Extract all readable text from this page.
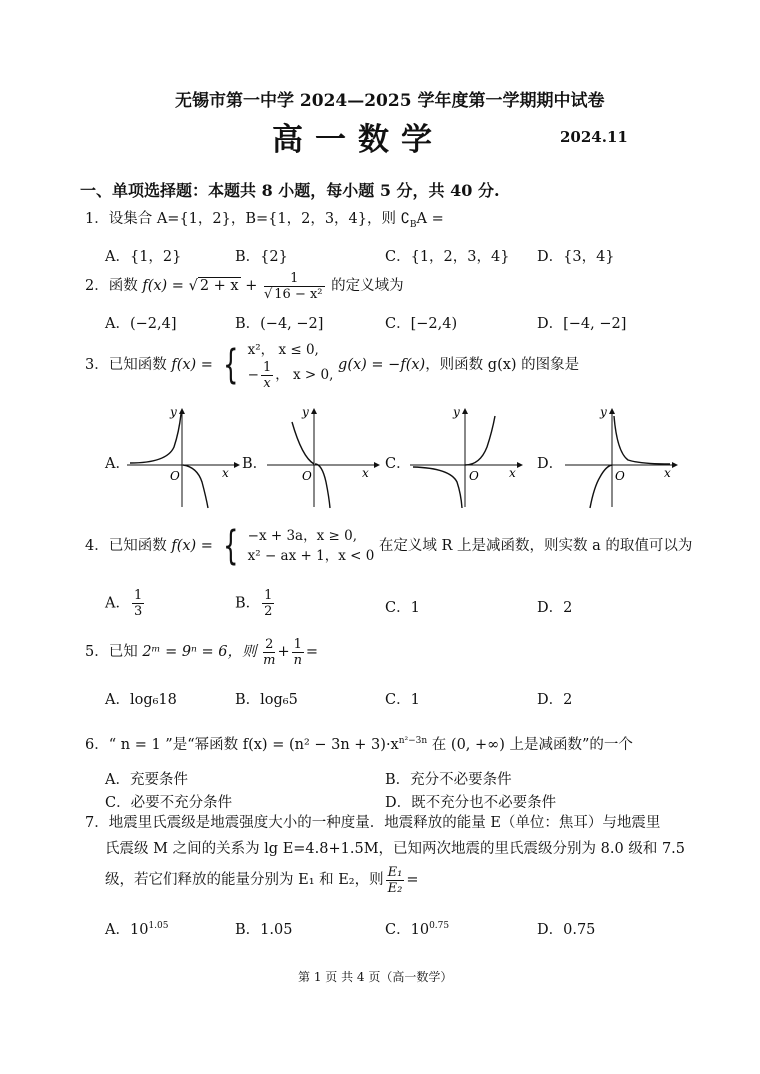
无锡市第一中学 2024—2025 学年度第一学期期中试卷
高一数学	2024.11
一、单项选择题：本题共 8 小题，每小题 5 分，共 40 分.
1．设集合 A={1，2}，B={1，2，3，4}，则 $∁_BA$ =
A．{1，2}	B．{2}	C．{1，2，3，4} D．{3，4}
2．函数 f(x) = √ $2 + x + \frac{1}{\text{√ 16 − x²}}$ 的定义域为
A．(−2,4]	B．(−4, −2]	C．[−2,4)	D．[−4, −2]
3．已知函数 f(x) = { x²， x ≤ 0,
− $\frac{1}{x}$ ， x > 0,
g(x) = −f(x)，则函数 g(x) 的图象是
A．	B．	C．	D．
O	x
y
O	x
y
O	x
y
O	x
y
4．已知函数 f(x) = { −x + 3a，x ≥ 0,
x² − ax + 1，x < 0
在定义域 R 上是减函数，则实数 a 的取值可以为
A． $\frac{1}{3}$	B． $\frac{1}{2}$	C．1	D．2
5．已知 2ᵐ = 9ⁿ = 6，则 $\frac{2}{m} + \frac{1}{n}$ =
A．log₆18	B．log₆5	C．1	D．2
6．“ n = 1 ”是“幂函数 $f(x) = (n^2 - 3n + 3)\cdot x^{n^2-3n}$ 在 (0, +∞) 上是减函数”的一个
A．充要条件	B．充分不必要条件
C．必要不充分条件	D．既不充分也不必要条件
7．地震里氏震级是地震强度大小的一种度量．地震释放的能量 E（单位：焦耳）与地震里
氏震级 M 之间的关系为 lg E=4.8+1.5M，已知两次地震的里氏震级分别为 8.0 级和 7.5
级，若它们释放的能量分别为 E₁ 和 E₂，则 $\frac{\text{E₁}}{\text{E₂}}$ =
A．$10^{1.05}$	B．1.05	C．$10^{0.75}$	D．0.75
第 1 页 共 4 页（高一数学）
